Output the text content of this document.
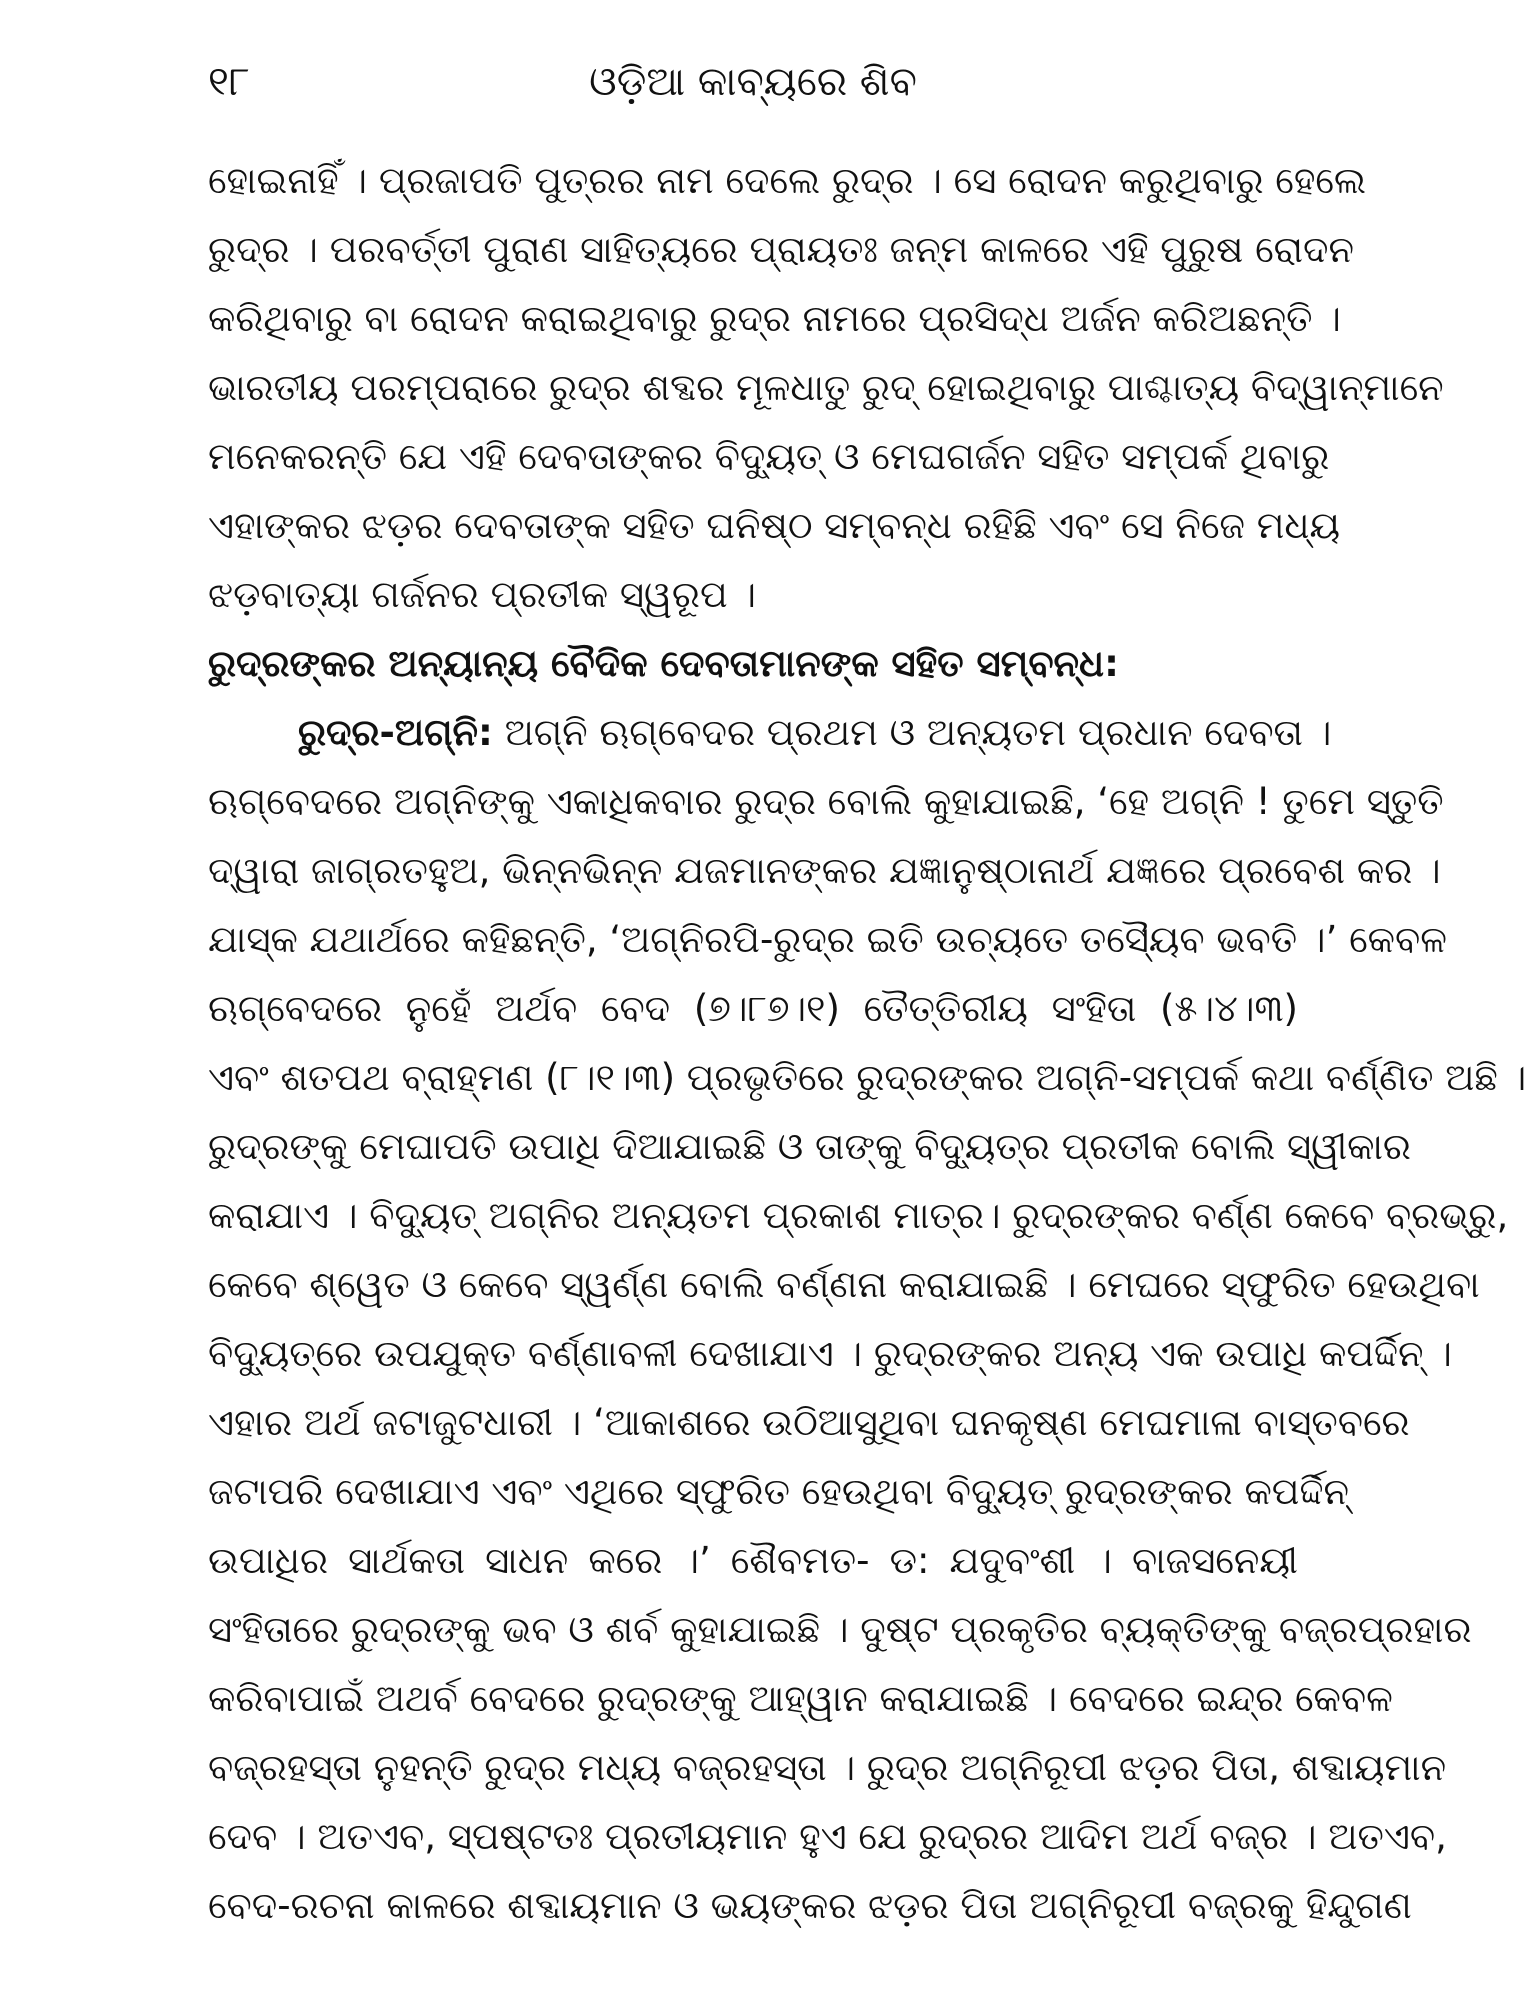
୧୮	ଓଡ଼ିଆ କାବ୍ୟରେ ଶିବ
ହୋଇନାହିଁ । ପ୍ରଜାପତି ପୁତ୍ରର ନାମ ଦେଲେ ରୁଦ୍ର । ସେ ରୋଦନ କରୁଥିବାରୁ ହେଲେ
ରୁଦ୍ର । ପରବର୍ତ୍ତୀ ପୁରାଣ ସାହିତ୍ୟରେ ପ୍ରାୟତଃ ଜନ୍ମ କାଳରେ ଏହି ପୁରୁଷ ରୋଦନ
କରିଥିବାରୁ ବା ରୋଦନ କରାଇଥିବାରୁ ରୁଦ୍ର ନାମରେ ପ୍ରସିଦ୍ଧ ଅର୍ଜନ କରିଅଛନ୍ତି ।
ଭାରତୀୟ ପରମ୍ପରାରେ ରୁଦ୍ର ଶବ୍ଦର ମୂଳଧାତୁ ରୁଦ୍ ହୋଇଥିବାରୁ ପାଶ୍ଚାତ୍ୟ ବିଦ୍ୱାନ୍‌ମାନେ
ମନେକରନ୍ତି ଯେ ଏହି ଦେବତାଙ୍କର ବିଦ୍ୟୁତ୍ ଓ ମେଘଗର୍ଜନ ସହିତ ସମ୍ପର୍କ ଥିବାରୁ
ଏହାଙ୍କର ଝଡ଼ର ଦେବତାଙ୍କ ସହିତ ଘନିଷ୍ଠ ସମ୍ବନ୍ଧ ରହିଛି ଏବଂ ସେ ନିଜେ ମଧ୍ୟ
ଝଡ଼ବାତ୍ୟା ଗର୍ଜନର ପ୍ରତୀକ ସ୍ୱରୂପ ।
ରୁଦ୍ରଙ୍କର ଅନ୍ୟାନ୍ୟ ବୈଦିକ ଦେବତାମାନଙ୍କ ସହିତ ସମ୍ବନ୍ଧ:
ରୁଦ୍ର-ଅଗ୍ନି: ଅଗ୍ନି ଋଗ୍‌ବେଦର ପ୍ରଥମ ଓ ଅନ୍ୟତମ ପ୍ରଧାନ ଦେବତା ।
ଋଗ୍‌ବେଦରେ ଅଗ୍ନିଙ୍କୁ ଏକାଧିକବାର ରୁଦ୍ର ବୋଲି କୁହାଯାଇଛି, ‘ହେ ଅଗ୍ନି ! ତୁମେ ସ୍ତୁତି
ଦ୍ୱାରା ଜାଗ୍ରତହୁଅ, ଭିନ୍ନଭିନ୍ନ ଯଜମାନଙ୍କର ଯଜ୍ଞାନୁଷ୍ଠାନାର୍ଥ ଯଜ୍ଞରେ ପ୍ରବେଶ କର ।
ଯାସ୍କ ଯଥାର୍ଥରେ କହିଛନ୍ତି, ‘ଅଗ୍ନିରପି-ରୁଦ୍ର ଇତି ଉଚ୍ୟତେ ତସ୍ୟୈବ ଭବତି ।’ କେବଳ
ଋଗ୍‌ବେଦରେ ନୁହେଁ ଅର୍ଥବ ବେଦ (୭।୮୭।୧) ତୈତ୍ତିରୀୟ ସଂହିତା (୫।୪।୩)
ଏବଂ ଶତପଥ ବ୍ରାହ୍ମଣ (୮।୧।୩) ପ୍ରଭୃତିରେ ରୁଦ୍ରଙ୍କର ଅଗ୍ନି-ସମ୍ପର୍କ କଥା ବର୍ଣ୍ଣିତ ଅଛି ।
ରୁଦ୍ରଙ୍କୁ ମେଘାପତି ଉପାଧି ଦିଆଯାଇଛି ଓ ତାଙ୍କୁ ବିଦ୍ୟୁତ୍‌ର ପ୍ରତୀକ ବୋଲି ସ୍ୱୀକାର
କରାଯାଏ । ବିଦ୍ୟୁତ୍ ଅଗ୍ନିର ଅନ୍ୟତମ ପ୍ରକାଶ ମାତ୍ର। ରୁଦ୍ରଙ୍କର ବର୍ଣ୍ଣ କେବେ ବ୍ରଭ୍ରୁ,
କେବେ ଶ୍ୱେତ ଓ କେବେ ସ୍ୱର୍ଣ୍ଣ ବୋଲି ବର୍ଣ୍ଣନା କରାଯାଇଛି । ମେଘରେ ସ୍ଫୁରିତ ହେଉଥିବା
ବିଦ୍ୟୁତ୍‌ରେ ଉପଯୁକ୍ତ ବର୍ଣ୍ଣାବଳୀ ଦେଖାଯାଏ । ରୁଦ୍ରଙ୍କର ଅନ୍ୟ ଏକ ଉପାଧି କପର୍ଦ୍ଦିନ୍ ।
ଏହାର ଅର୍ଥ ଜଟାଜୁଟଧାରୀ । ‘ଆକାଶରେ ଉଠିଆସୁଥିବା ଘନକୃଷ୍ଣ ମେଘମାଳା ବାସ୍ତବରେ
ଜଟାପରି ଦେଖାଯାଏ ଏବଂ ଏଥିରେ ସ୍ଫୁରିତ ହେଉଥିବା ବିଦ୍ୟୁତ୍ ରୁଦ୍ରଙ୍କର କପର୍ଦ୍ଦିନ୍
ଉପାଧିର ସାର୍ଥକତା ସାଧନ କରେ ।’ ଶୈବମତ- ଡ: ଯଦୁବଂଶୀ । ବାଜସନେୟୀ
ସଂହିତାରେ ରୁଦ୍ରଙ୍କୁ ଭବ ଓ ଶର୍ବ କୁହାଯାଇଛି । ଦୁଷ୍ଟ ପ୍ରକୃତିର ବ୍ୟକ୍ତିଙ୍କୁ ବଜ୍ରପ୍ରହାର
କରିବାପାଇଁ ଅଥର୍ବ ବେଦରେ ରୁଦ୍ରଙ୍କୁ ଆହ୍ୱାନ କରାଯାଇଛି । ବେଦରେ ଇନ୍ଦ୍ର କେବଳ
ବଜ୍ରହସ୍ତା ନୁହନ୍ତି ରୁଦ୍ର ମଧ୍ୟ ବଜ୍ରହସ୍ତା । ରୁଦ୍ର ଅଗ୍ନିରୂପୀ ଝଡ଼ର ପିତା, ଶବ୍ଦାୟମାନ
ଦେବ । ଅତଏବ, ସ୍ପଷ୍ଟତଃ ପ୍ରତୀୟମାନ ହୁଏ ଯେ ରୁଦ୍ରର ଆଦିମ ଅର୍ଥ ବଜ୍ର । ଅତଏବ,
ବେଦ-ରଚନା କାଳରେ ଶବ୍ଦାୟମାନ ଓ ଭୟଙ୍କର ଝଡ଼ର ପିତା ଅଗ୍ନିରୂପୀ ବଜ୍ରକୁ ହିନ୍ଦୁଗଣ
